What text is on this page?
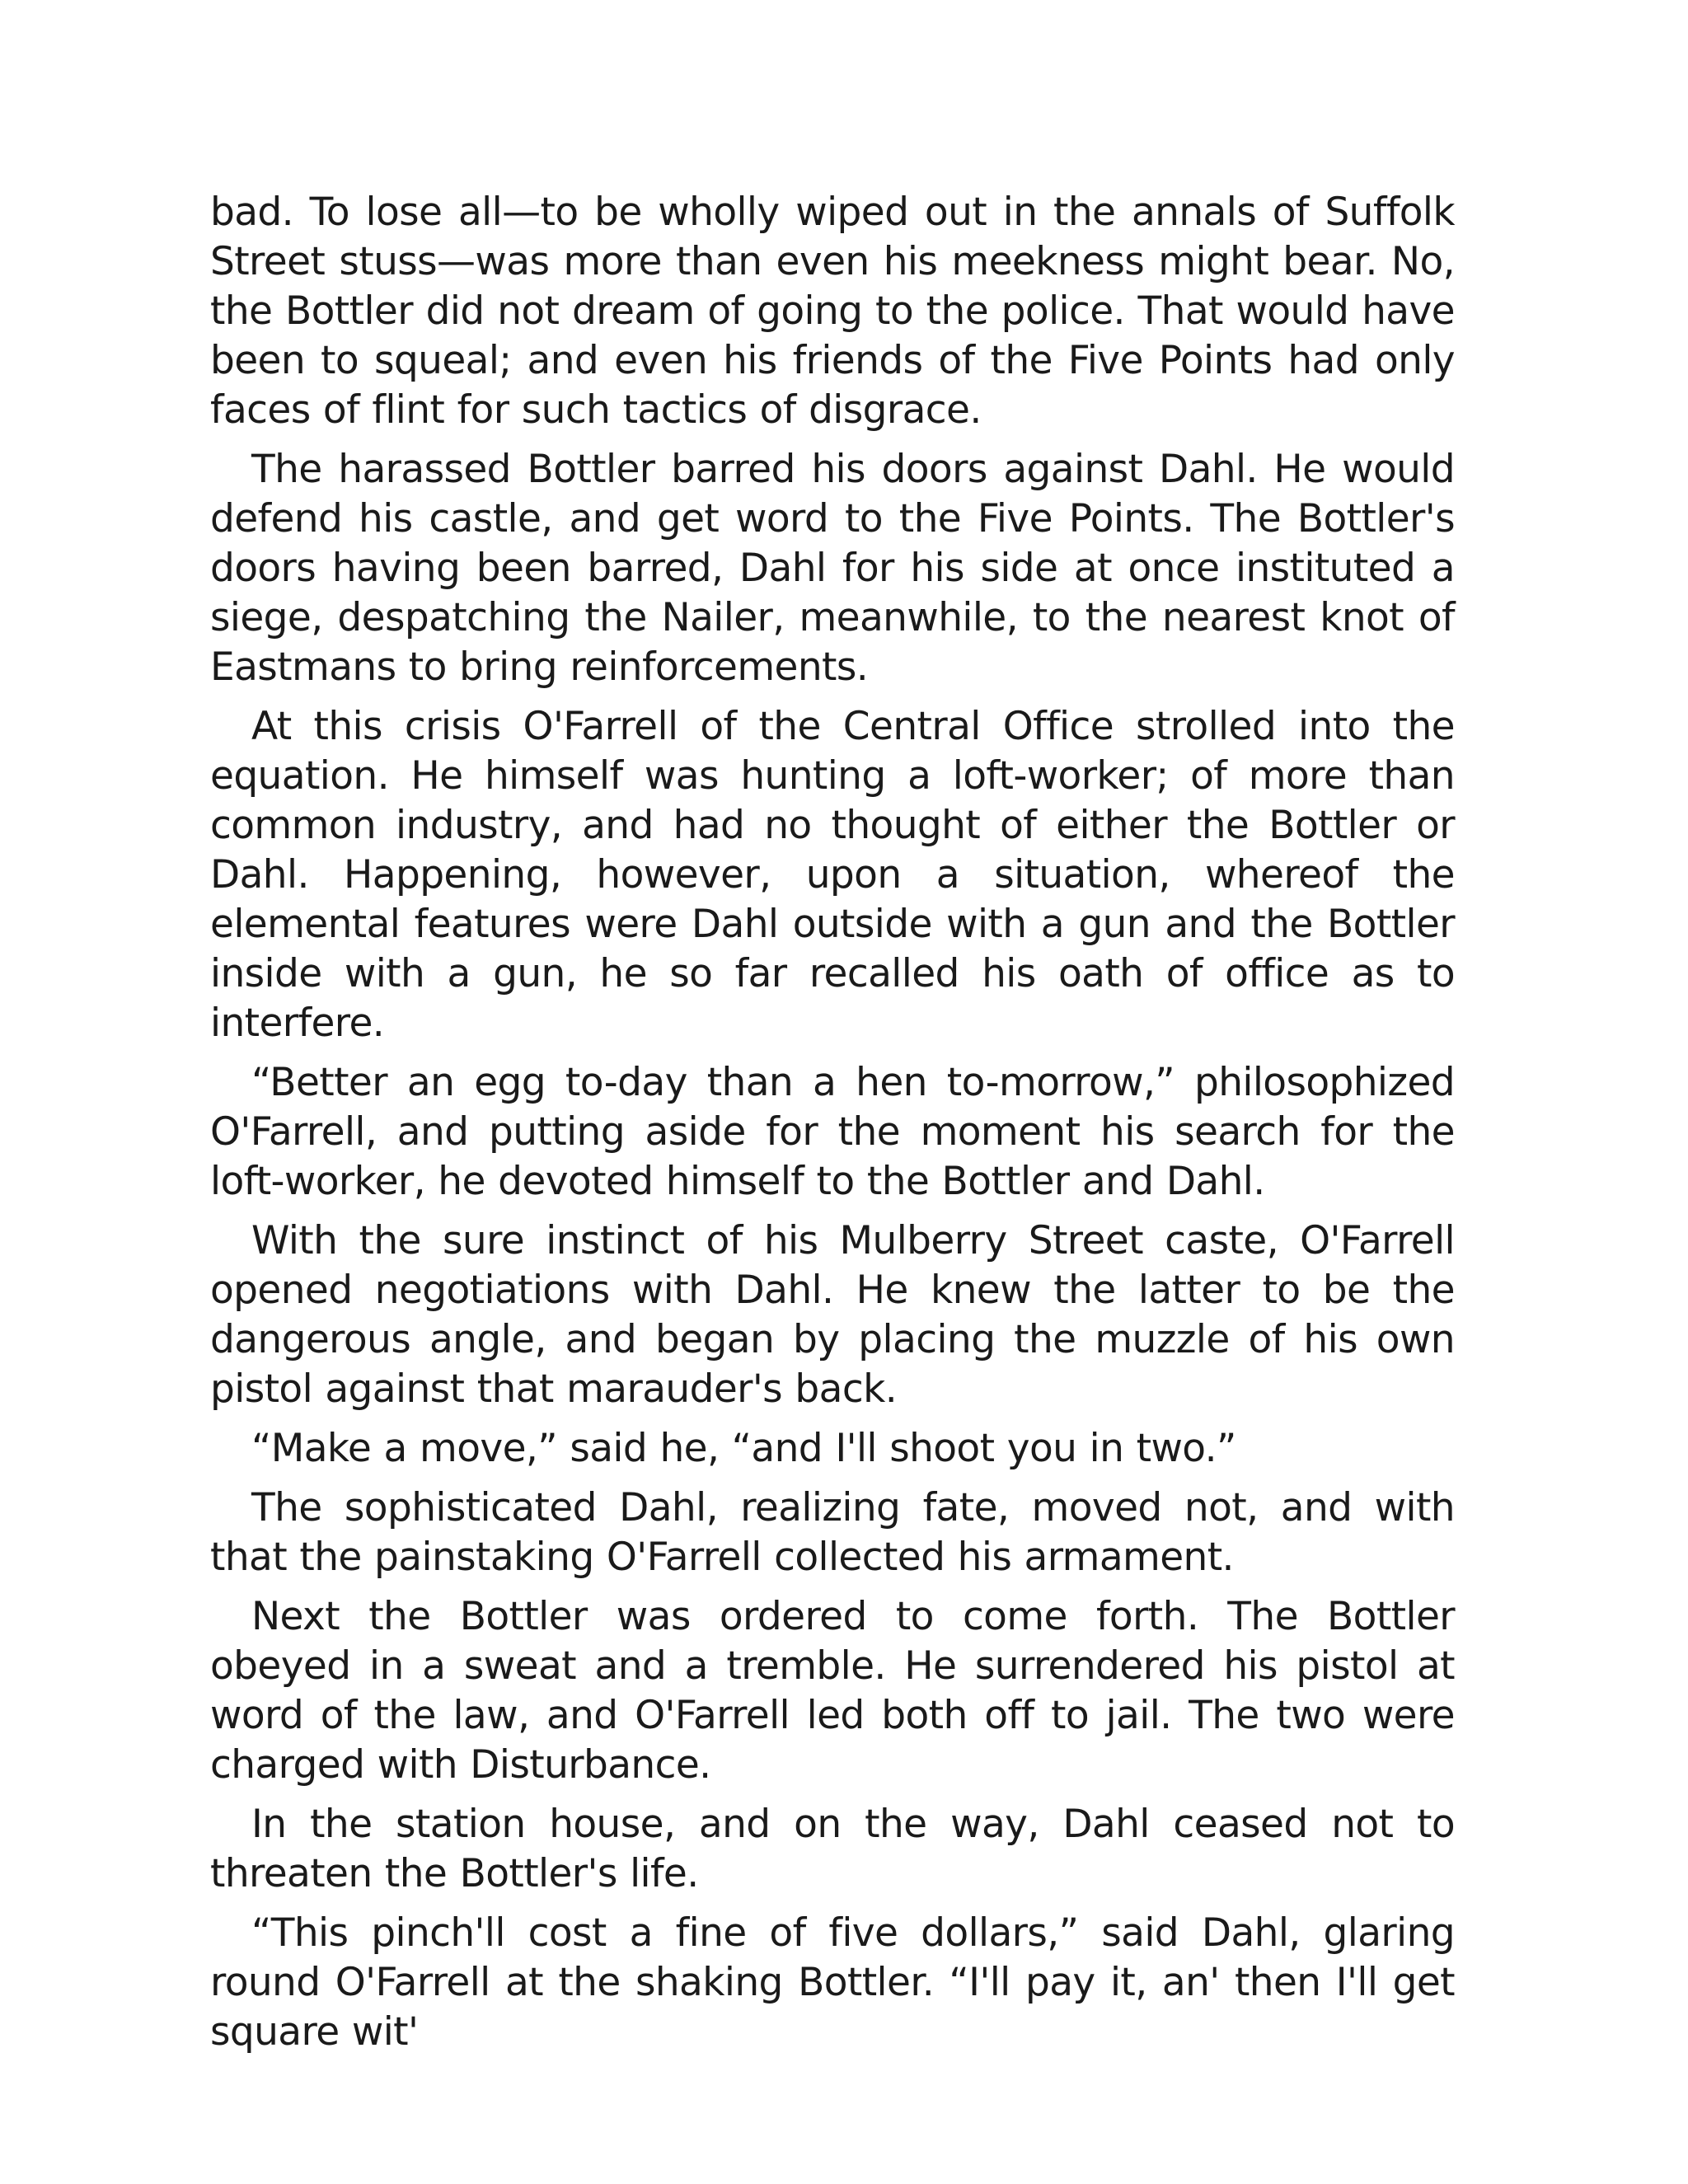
bad. To lose all—to be wholly wiped out in the annals of Suffolk Street stuss—was more than even his meekness might bear. No, the Bottler did not dream of going to the police. That would have been to squeal; and even his friends of the Five Points had only faces of flint for such tactics of disgrace.

The harassed Bottler barred his doors against Dahl. He would defend his castle, and get word to the Five Points. The Bottler's doors having been barred, Dahl for his side at once instituted a siege, despatching the Nailer, meanwhile, to the nearest knot of Eastmans to bring reinforcements.

At this crisis O'Farrell of the Central Office strolled into the equation. He himself was hunting a loft-worker; of more than common industry, and had no thought of either the Bottler or Dahl. Happening, however, upon a situation, whereof the elemental features were Dahl outside with a gun and the Bottler inside with a gun, he so far recalled his oath of office as to interfere.

“Better an egg to-day than a hen to-morrow,” philosophized O'Farrell, and putting aside for the moment his search for the loft-worker, he devoted himself to the Bottler and Dahl.

With the sure instinct of his Mulberry Street caste, O'Farrell opened negotiations with Dahl. He knew the latter to be the dangerous angle, and began by placing the muzzle of his own pistol against that marauder's back.

“Make a move,” said he, “and I'll shoot you in two.”

The sophisticated Dahl, realizing fate, moved not, and with that the painstaking O'Farrell collected his armament.

Next the Bottler was ordered to come forth. The Bottler obeyed in a sweat and a tremble. He surrendered his pistol at word of the law, and O'Farrell led both off to jail. The two were charged with Disturbance.

In the station house, and on the way, Dahl ceased not to threaten the Bottler's life.

“This pinch'll cost a fine of five dollars,” said Dahl, glaring round O'Farrell at the shaking Bottler. “I'll pay it, an' then I'll get square wit'
